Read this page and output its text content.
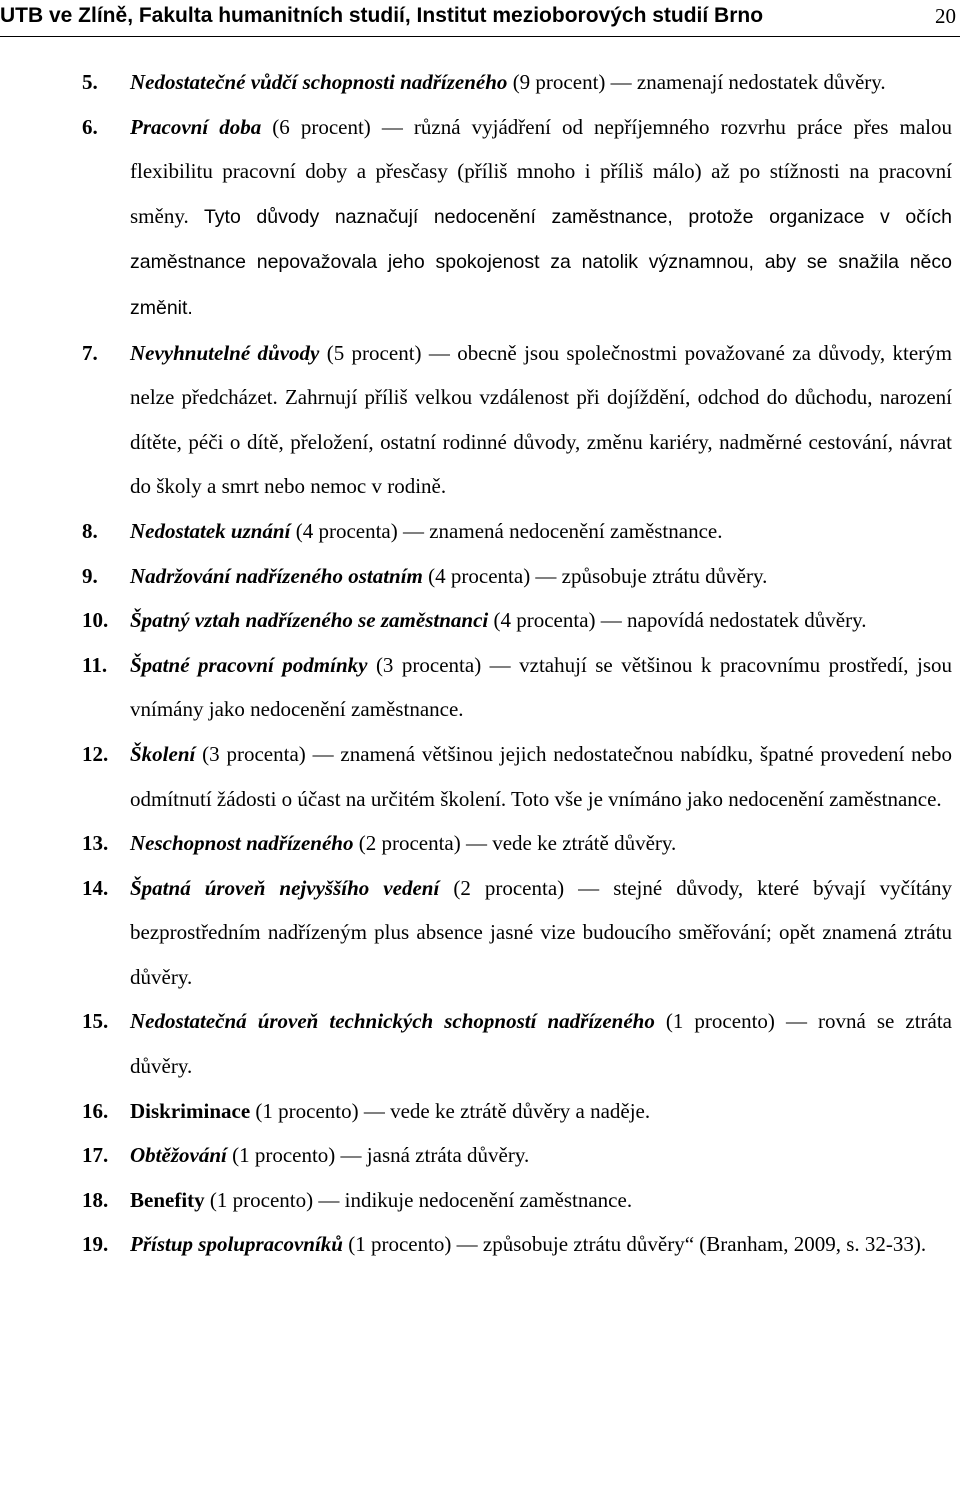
UTB ve Zlíně, Fakulta humanitních studií, Institut mezioborových studií Brno	20
5. Nedostatečné vůdčí schopnosti nadřízeného (9 procent) — znamenají nedostatek důvěry.
6. Pracovní doba (6 procent) — různá vyjádření od nepříjemného rozvrhu práce přes malou flexibilitu pracovní doby a přesčasy (příliš mnoho i příliš málo) až po stížnosti na pracovní směny. Tyto důvody naznačují nedocenění zaměstnance, protože organizace v očích zaměstnance nepovažovala jeho spokojenost za natolik významnou, aby se snažila něco změnit.
7. Nevyhnutelné důvody (5 procent) — obecně jsou společnostmi považované za důvody, kterým nelze předcházet. Zahrnují příliš velkou vzdálenost při dojíždění, odchod do důchodu, narození dítěte, péči o dítě, přeložení, ostatní rodinné důvody, změnu kariéry, nadměrné cestování, návrat do školy a smrt nebo nemoc v rodině.
8. Nedostatek uznání (4 procenta) — znamená nedocenění zaměstnance.
9. Nadržování nadřízeného ostatním (4 procenta) — způsobuje ztrátu důvěry.
10. Špatný vztah nadřízeného se zaměstnanci (4 procenta) — napovídá nedostatek důvěry.
11. Špatné pracovní podmínky (3 procenta) — vztahují se většinou k pracovnímu prostředí, jsou vnímány jako nedocenění zaměstnance.
12. Školení (3 procenta) — znamená většinou jejich nedostatečnou nabídku, špatné provedení nebo odmítnutí žádosti o účast na určitém školení. Toto vše je vnímáno jako nedocenění zaměstnance.
13. Neschopnost nadřízeného (2 procenta) — vede ke ztrátě důvěry.
14. Špatná úroveň nejvyššího vedení (2 procenta) — stejné důvody, které bývají vyčítány bezprostředním nadřízeným plus absence jasné vize budoucího směřování; opět znamená ztrátu důvěry.
15. Nedostatečná úroveň technických schopností nadřízeného (1 procento) — rovná se ztráta důvěry.
16. Diskriminace (1 procento) — vede ke ztrátě důvěry a naděje.
17. Obtěžování (1 procento) — jasná ztráta důvěry.
18. Benefity (1 procento) — indikuje nedocenění zaměstnance.
19. Přístup spolupracovníků (1 procento) — způsobuje ztrátu důvěry“ (Branham, 2009, s. 32-33).
